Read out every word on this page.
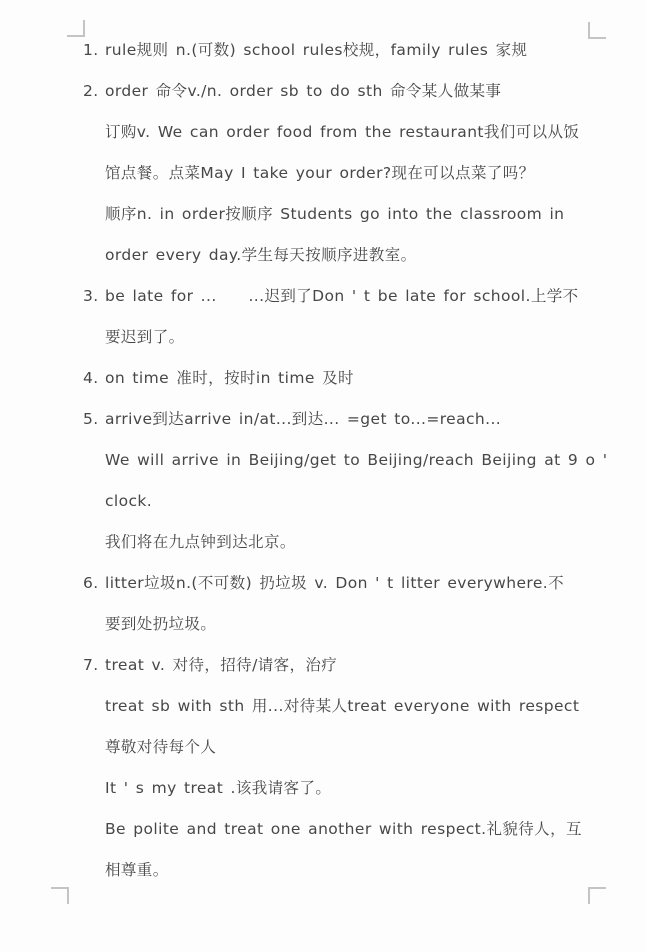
1. rule规则 n.(可数) school rules校规，family rules 家规
2. order 命令v./n. order sb to do sth 命令某人做某事
订购v. We can order food from the restaurant我们可以从饭
馆点餐。点菜May I take your order?现在可以点菜了吗？
顺序n. in order按顺序 Students go into the classroom in
order every day.学生每天按顺序进教室。
3. be late for ...　　...迟到了Don ' t be late for school.上学不
要迟到了。
4. on time 准时，按时in time 及时
5. arrive到达arrive in/at...到达... =get to...=reach...
We will arrive in Beijing/get to Beijing/reach Beijing at 9 o '
clock.
我们将在九点钟到达北京。
6. litter垃圾n.(不可数) 扔垃圾 v. Don ' t litter everywhere.不
要到处扔垃圾。
7. treat v. 对待，招待/请客，治疗
treat sb with sth 用...对待某人treat everyone with respect
尊敬对待每个人
It ' s my treat .该我请客了。
Be polite and treat one another with respect.礼貌待人，互
相尊重。
